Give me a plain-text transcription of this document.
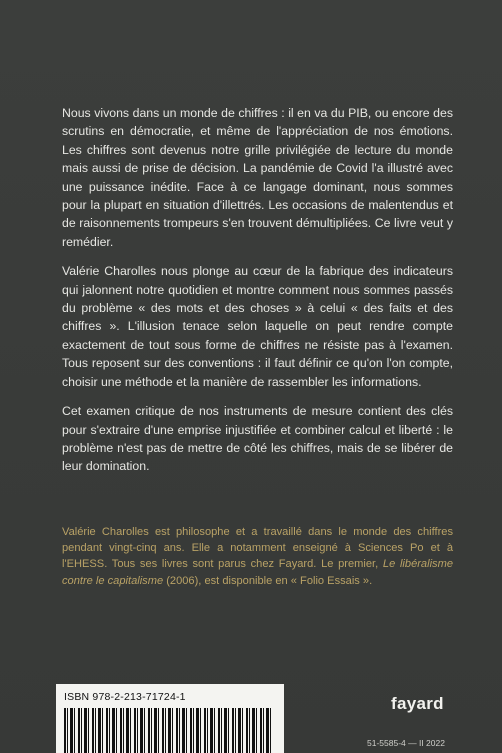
Nous vivons dans un monde de chiffres : il en va du PIB, ou encore des scrutins en démocratie, et même de l'appréciation de nos émotions. Les chiffres sont devenus notre grille privilégiée de lecture du monde mais aussi de prise de décision. La pandémie de Covid l'a illustré avec une puissance inédite. Face à ce langage dominant, nous sommes pour la plupart en situation d'illettrés. Les occasions de malentendus et de raisonnements trompeurs s'en trouvent démultipliées. Ce livre veut y remédier.

Valérie Charolles nous plonge au cœur de la fabrique des indicateurs qui jalonnent notre quotidien et montre comment nous sommes passés du problème « des mots et des choses » à celui « des faits et des chiffres ». L'illusion tenace selon laquelle on peut rendre compte exactement de tout sous forme de chiffres ne résiste pas à l'examen. Tous reposent sur des conventions : il faut définir ce qu'on l'on compte, choisir une méthode et la manière de rassembler les informations.

Cet examen critique de nos instruments de mesure contient des clés pour s'extraire d'une emprise injustifiée et combiner calcul et liberté : le problème n'est pas de mettre de côté les chiffres, mais de se libérer de leur domination.

Valérie Charolles est philosophe et a travaillé dans le monde des chiffres pendant vingt-cinq ans. Elle a notamment enseigné à Sciences Po et à l'EHESS. Tous ses livres sont parus chez Fayard. Le premier, Le libéralisme contre le capitalisme (2006), est disponible en « Folio Essais ».

ISBN 978-2-213-71724-1	fayard

51-5585-4 — II 2022
